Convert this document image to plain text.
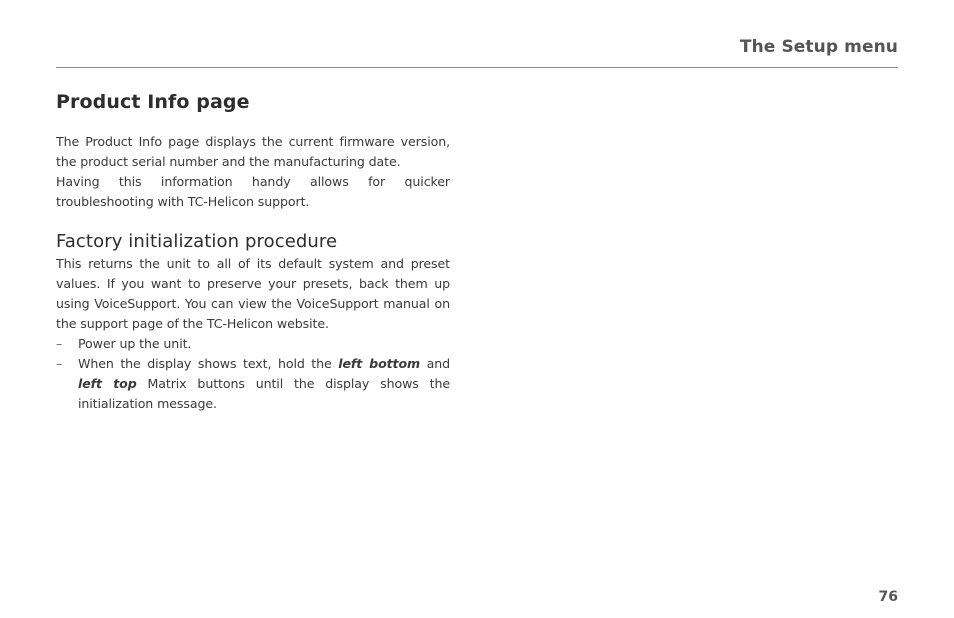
The Setup menu
Product Info page

The Product Info page displays the current firmware version, the product serial number and the manufacturing date.

Having this information handy allows for quicker troubleshooting with TC-Helicon support.

Factory initialization procedure

This returns the unit to all of its default system and preset values. If you want to preserve your presets, back them up using VoiceSupport. You can view the VoiceSupport manual on the support page of the TC-Helicon website.

– Power up the unit.
– When the display shows text, hold the left bottom and left top Matrix buttons until the display shows the initialization message.
76
